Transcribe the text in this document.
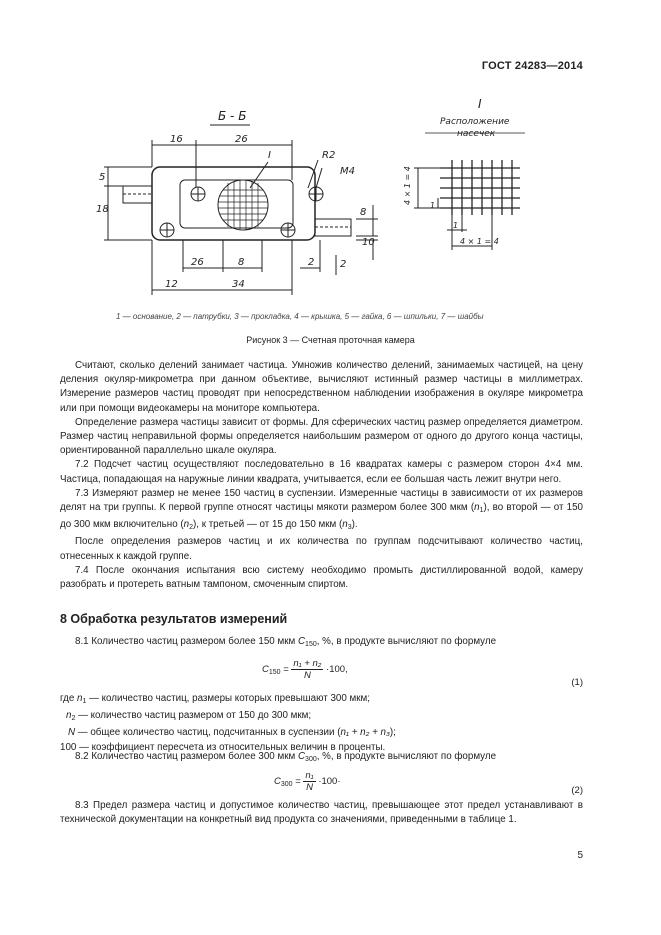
ГОСТ 24283—2014
Б - Б
I
Расположение
насечек
16	26
I	R2
M4
5
18	8
10
26	8	2	2
12	34
4 × 1 = 4
1
1
4 × 1 = 4
1 — основание, 2 — патрубки, 3 — прокладка, 4 — крышка, 5 — гайка, 6 — шпильки, 7 — шайбы
Рисунок 3 — Счетная проточная камера

Считают, сколько делений занимает частица. Умножив количество делений, занимаемых частицей, на цену деления окуляр-микрометра при данном объективе, вычисляют истинный размер частицы в миллиметрах. Измерение размеров частиц проводят при непосредственном наблюдении изображения в окуляре микрометра или при помощи видеокамеры на мониторе компьютера.

Определение размера частицы зависит от формы. Для сферических частиц размер определяется диаметром. Размер частиц неправильной формы определяется наибольшим размером от одного до другого конца частицы, ориентированной параллельно шкале окуляра.

7.2 Подсчет частиц осуществляют последовательно в 16 квадратах камеры с размером сторон 4×4 мм. Частица, попадающая на наружные линии квадрата, учитывается, если ее большая часть лежит внутри него.

7.3 Измеряют размер не менее 150 частиц в суспензии. Измеренные частицы в зависимости от их размеров делят на три группы. К первой группе относят частицы мякоти размером более 300 мкм $(n_1)$, во второй — от 150 до 300 мкм включительно $(n_2)$, к третьей — от 15 до 150 мкм $(n_3)$.

После определения размеров частиц и их количества по группам подсчитывают количество частиц, отнесенных к каждой группе.

7.4 После окончания испытания всю систему необходимо промыть дистиллированной водой, камеру разобрать и протереть ватным тампоном, смоченным спиртом.

8 Обработка результатов измерений

8.1 Количество частиц размером более 150 мкм $C_{150}$, %, в продукте вычисляют по формуле

$C_{150} = \frac{\text{n₁ + n₂}}{N} \cdot 100$,
(1)
где $n_1$ — количество частиц, размеры которых превышают 300 мкм;
$n_2$ — количество частиц размером от 150 до 300 мкм;
N — общее количество частиц, подсчитанных в суспензии (n₁ + n₂ + n₃);
100 — коэффициент пересчета из относительных величин в проценты.

8.2 Количество частиц размером более 300 мкм $C_{300}$, %, в продукте вычисляют по формуле

$C_{300} = \frac{\text{n₁}}{N} \cdot 100\cdot$
(2)

8.3 Предел размера частиц и допустимое количество частиц, превышающее этот предел устанавливают в технической документации на конкретный вид продукта со значениями, приведенными в таблице 1.

5
